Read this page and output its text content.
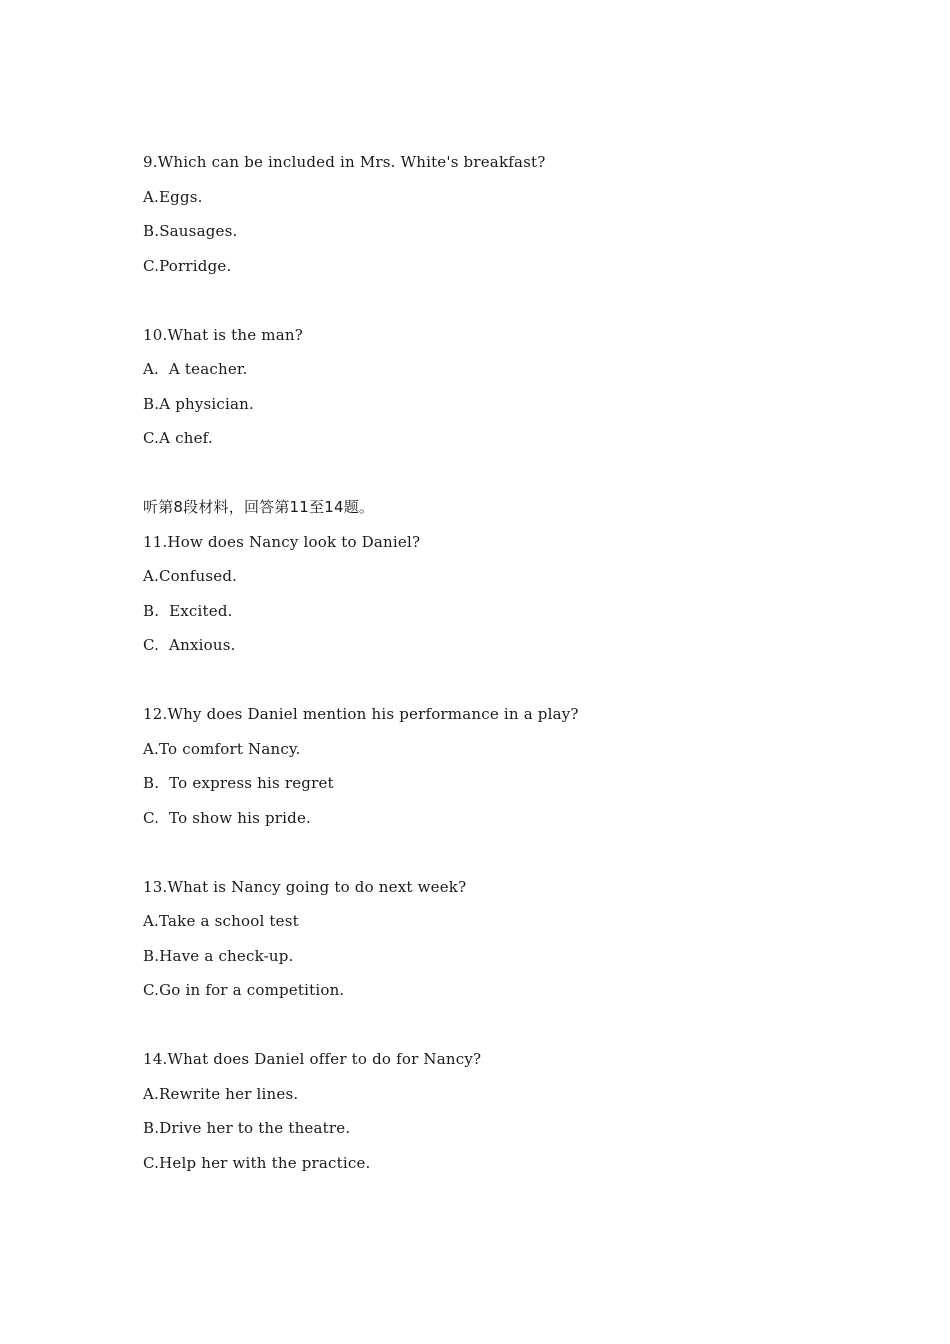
9.Which can be included in Mrs. White's breakfast?
A.Eggs.
B.Sausages.
C.Porridge.
10.What is the man?
A.  A teacher.
B.A physician.
C.A chef.
听第8段材料，回答第11至14题。
11.How does Nancy look to Daniel?
A.Confused.
B.  Excited.
C.  Anxious.
12.Why does Daniel mention his performance in a play?
A.To comfort Nancy.
B.  To express his regret
C.  To show his pride.
13.What is Nancy going to do next week?
A.Take a school test
B.Have a check-up.
C.Go in for a competition.
14.What does Daniel offer to do for Nancy?
A.Rewrite her lines.
B.Drive her to the theatre.
C.Help her with the practice.
